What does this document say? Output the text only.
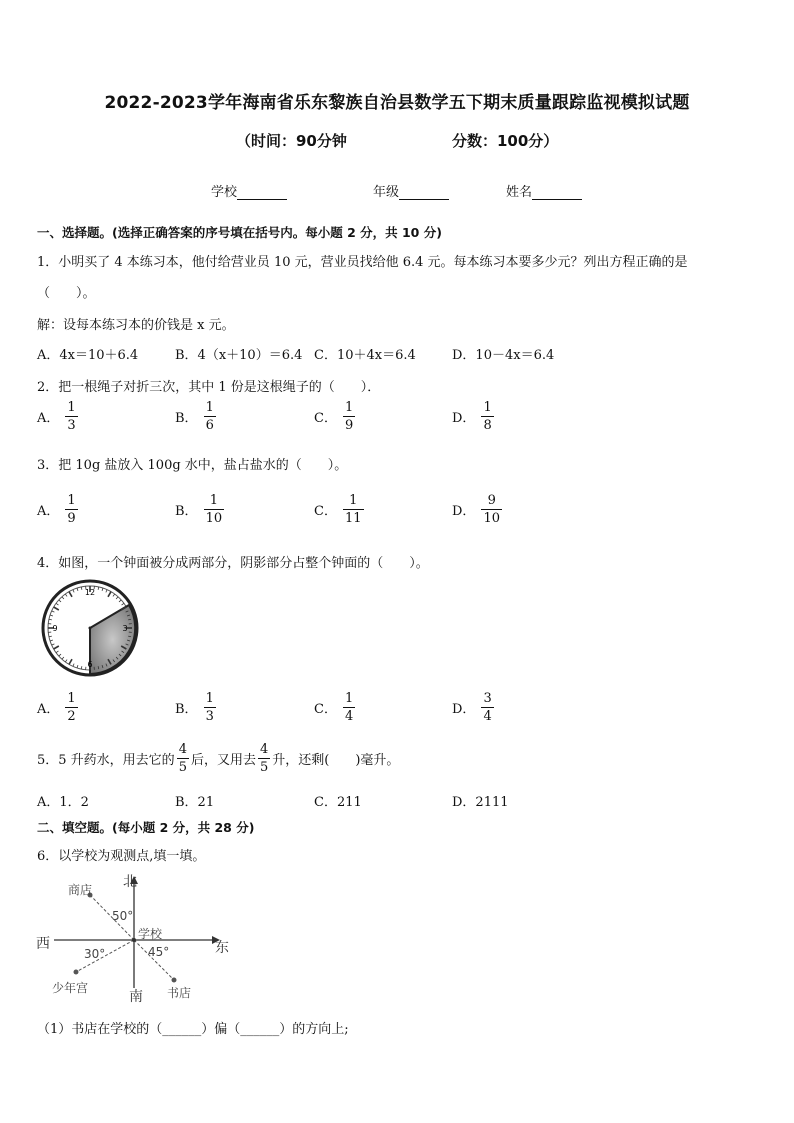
2022-2023学年海南省乐东黎族自治县数学五下期末质量跟踪监视模拟试题
（时间：90分钟	分数：100分）
学校	年级	姓名
一、选择题。(选择正确答案的序号填在括号内。每小题 2 分，共 10 分)
1．小明买了 4 本练习本，他付给营业员 10 元，营业员找给他 6.4 元。每本练习本要多少元？列出方程正确的是
（　　）。
解：设每本练习本的价钱是 x 元。
A．4x＝10＋6.4	B．4（x＋10）＝6.4 C．10＋4x＝6.4	D．10－4x＝6.4
2．把一根绳子对折三次，其中 1 份是这根绳子的（　　）．
A． $\frac{1}{3}$	B． $\frac{1}{6}$	C． $\frac{1}{9}$	D． $\frac{1}{8}$
3．把 10g 盐放入 100g 水中，盐占盐水的（　　）。
A． $\frac{1}{9}$	B． $\frac{1}{10}$	C． $\frac{1}{11}$	D． $\frac{9}{10}$
4．如图，一个钟面被分成两部分，阴影部分占整个钟面的（　　）。
12
3
6
9
A． $\frac{1}{2}$	B． $\frac{1}{3}$	C． $\frac{1}{4}$	D． $\frac{3}{4}$
5．5 升药水，用去它的 $\frac{4}{5}$ 后，又用去 $\frac{4}{5}$ 升，还剩(　　)毫升。
A．1．2	B．21	C．211	D．2111
二、填空题。(每小题 2 分，共 28 分)
6．以学校为观测点,填一填。
北
南
东
西
学校
商店
少年宫	书店
50°
30°	45°
（1）书店在学校的（______）偏（______）的方向上;
